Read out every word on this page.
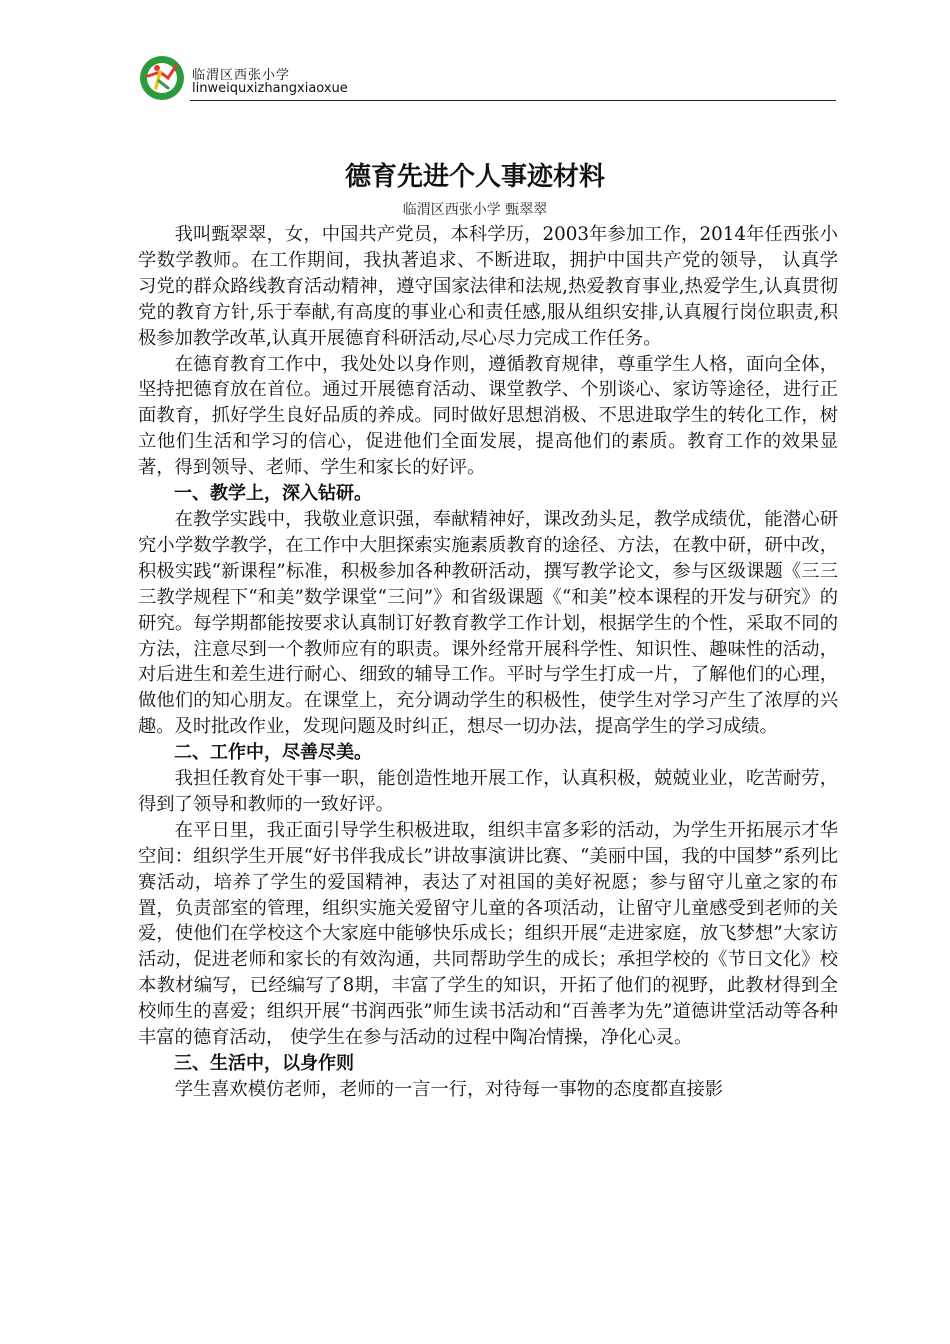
临渭区西张小学
linweiquxizhangxiaoxue
德育先进个人事迹材料
临渭区西张小学 甄翠翠

我叫甄翠翠，女，中国共产党员，本科学历，2003年参加工作，2014年任西张小学数学教师。在工作期间，我执著追求、不断进取，拥护中国共产党的领导， 认真学习党的群众路线教育活动精神，遵守国家法律和法规,热爱教育事业,热爱学生,认真贯彻党的教育方针,乐于奉献,有高度的事业心和责任感,服从组织安排,认真履行岗位职责,积极参加教学改革,认真开展德育科研活动,尽心尽力完成工作任务。

在德育教育工作中，我处处以身作则，遵循教育规律，尊重学生人格，面向全体，坚持把德育放在首位。通过开展德育活动、课堂教学、个别谈心、家访等途径，进行正面教育，抓好学生良好品质的养成。同时做好思想消极、不思进取学生的转化工作，树立他们生活和学习的信心，促进他们全面发展，提高他们的素质。教育工作的效果显著，得到领导、老师、学生和家长的好评。

一、教学上，深入钻研。

在教学实践中，我敬业意识强，奉献精神好，课改劲头足，教学成绩优，能潜心研究小学数学教学，在工作中大胆探索实施素质教育的途径、方法，在教中研，研中改，积极实践“新课程”标准，积极参加各种教研活动，撰写教学论文，参与区级课题《三三三教学规程下“和美”数学课堂“三问”》和省级课题《“和美”校本课程的开发与研究》的研究。每学期都能按要求认真制订好教育教学工作计划，根据学生的个性，采取不同的方法，注意尽到一个教师应有的职责。课外经常开展科学性、知识性、趣味性的活动，对后进生和差生进行耐心、细致的辅导工作。平时与学生打成一片，了解他们的心理，做他们的知心朋友。在课堂上，充分调动学生的积极性，使学生对学习产生了浓厚的兴趣。及时批改作业，发现问题及时纠正，想尽一切办法，提高学生的学习成绩。

二、工作中，尽善尽美。

我担任教育处干事一职，能创造性地开展工作，认真积极，兢兢业业，吃苦耐劳，得到了领导和教师的一致好评。

在平日里，我正面引导学生积极进取，组织丰富多彩的活动，为学生开拓展示才华空间：组织学生开展“好书伴我成长”讲故事演讲比赛、“美丽中国，我的中国梦”系列比赛活动，培养了学生的爱国精神，表达了对祖国的美好祝愿；参与留守儿童之家的布置，负责部室的管理，组织实施关爱留守儿童的各项活动，让留守儿童感受到老师的关爱，使他们在学校这个大家庭中能够快乐成长；组织开展“走进家庭，放飞梦想”大家访活动，促进老师和家长的有效沟通，共同帮助学生的成长；承担学校的《节日文化》校本教材编写，已经编写了8期，丰富了学生的知识，开拓了他们的视野，此教材得到全校师生的喜爱；组织开展“书润西张”师生读书活动和“百善孝为先”道德讲堂活动等各种丰富的德育活动， 使学生在参与活动的过程中陶冶情操，净化心灵。

三、生活中，以身作则

学生喜欢模仿老师，老师的一言一行，对待每一事物的态度都直接影
